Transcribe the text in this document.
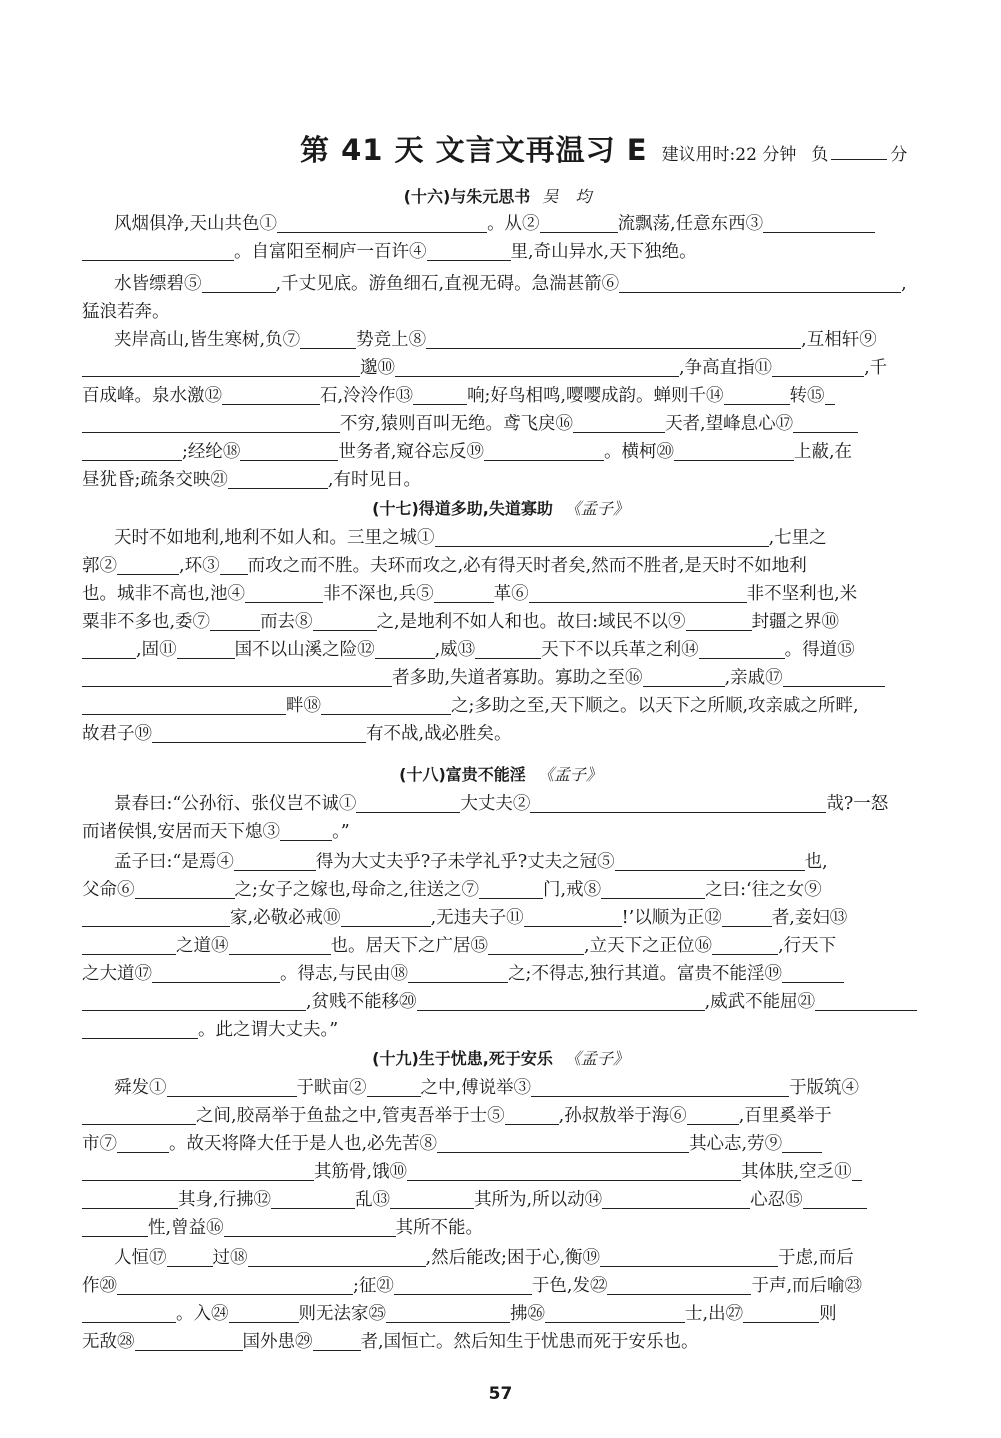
第 41 天 文言文再温习 E 建议用时:22 分钟 负	分
(十六)与朱元思书 吴 均
风烟俱净,天山共色①	。从②	流飘荡,任意东西③
。自富阳至桐庐一百许④	里,奇山异水,天下独绝。
水皆缥碧⑤	,千丈见底。游鱼细石,直视无碍。急湍甚箭⑥	,
猛浪若奔。
夹岸高山,皆生寒树,负⑦	势竞上⑧	,互相轩⑨
邈⑩	,争高直指⑪	,千
百成峰。泉水激⑫	石,泠泠作⑬	响;好鸟相鸣,嘤嘤成韵。蝉则千⑭	转⑮
不穷,猿则百叫无绝。鸢飞戾⑯	天者,望峰息心⑰
;经纶⑱	世务者,窥谷忘反⑲	。横柯⑳	上蔽,在
昼犹昏;疏条交映㉑	,有时见日。
(十七)得道多助,失道寡助 《孟子》
天时不如地利,地利不如人和。三里之城①	,七里之
郭②	,环③ 而攻之而不胜。夫环而攻之,必有得天时者矣,然而不胜者,是天时不如地利
也。城非不高也,池④	非不深也,兵⑤	革⑥	非不坚利也,米
粟非不多也,委⑦	而去⑧	之,是地利不如人和也。故曰:域民不以⑨	封疆之界⑩
,固⑪	国不以山溪之险⑫	,威⑬	天下不以兵革之利⑭	。得道⑮
者多助,失道者寡助。寡助之至⑯	,亲戚⑰
畔⑱	之;多助之至,天下顺之。以天下之所顺,攻亲戚之所畔,
故君子⑲	有不战,战必胜矣。
(十八)富贵不能淫 《孟子》
景春曰:“公孙衍、张仪岂不诚①	大丈夫②	哉?一怒
而诸侯惧,安居而天下熄③	。”
孟子曰:“是焉④	得为大丈夫乎?子未学礼乎?丈夫之冠⑤	也,
父命⑥	之;女子之嫁也,母命之,往送之⑦	门,戒⑧	之曰:‘往之女⑨
家,必敬必戒⑩	,无违夫子⑪	!’以顺为正⑫	者,妾妇⑬
之道⑭	也。居天下之广居⑮	,立天下之正位⑯	,行天下
之大道⑰	。得志,与民由⑱	之;不得志,独行其道。富贵不能淫⑲
,贫贱不能移⑳	,威武不能屈㉑
。此之谓大丈夫。”
(十九)生于忧患,死于安乐 《孟子》
舜发①	于畎亩②	之中,傅说举③	于版筑④
之间,胶鬲举于鱼盐之中,管夷吾举于士⑤	,孙叔敖举于海⑥	,百里奚举于
市⑦	。故天将降大任于是人也,必先苦⑧	其心志,劳⑨
其筋骨,饿⑩	其体肤,空乏⑪
其身,行拂⑫	乱⑬	其所为,所以动⑭	心忍⑮
性,曾益⑯	其所不能。
人恒⑰	过⑱	,然后能改;困于心,衡⑲	于虑,而后
作⑳	;征㉑	于色,发㉒	于声,而后喻㉓
。入㉔	则无法家㉕	拂㉖	士,出㉗	则
无敌㉘	国外患㉙	者,国恒亡。然后知生于忧患而死于安乐也。
57
